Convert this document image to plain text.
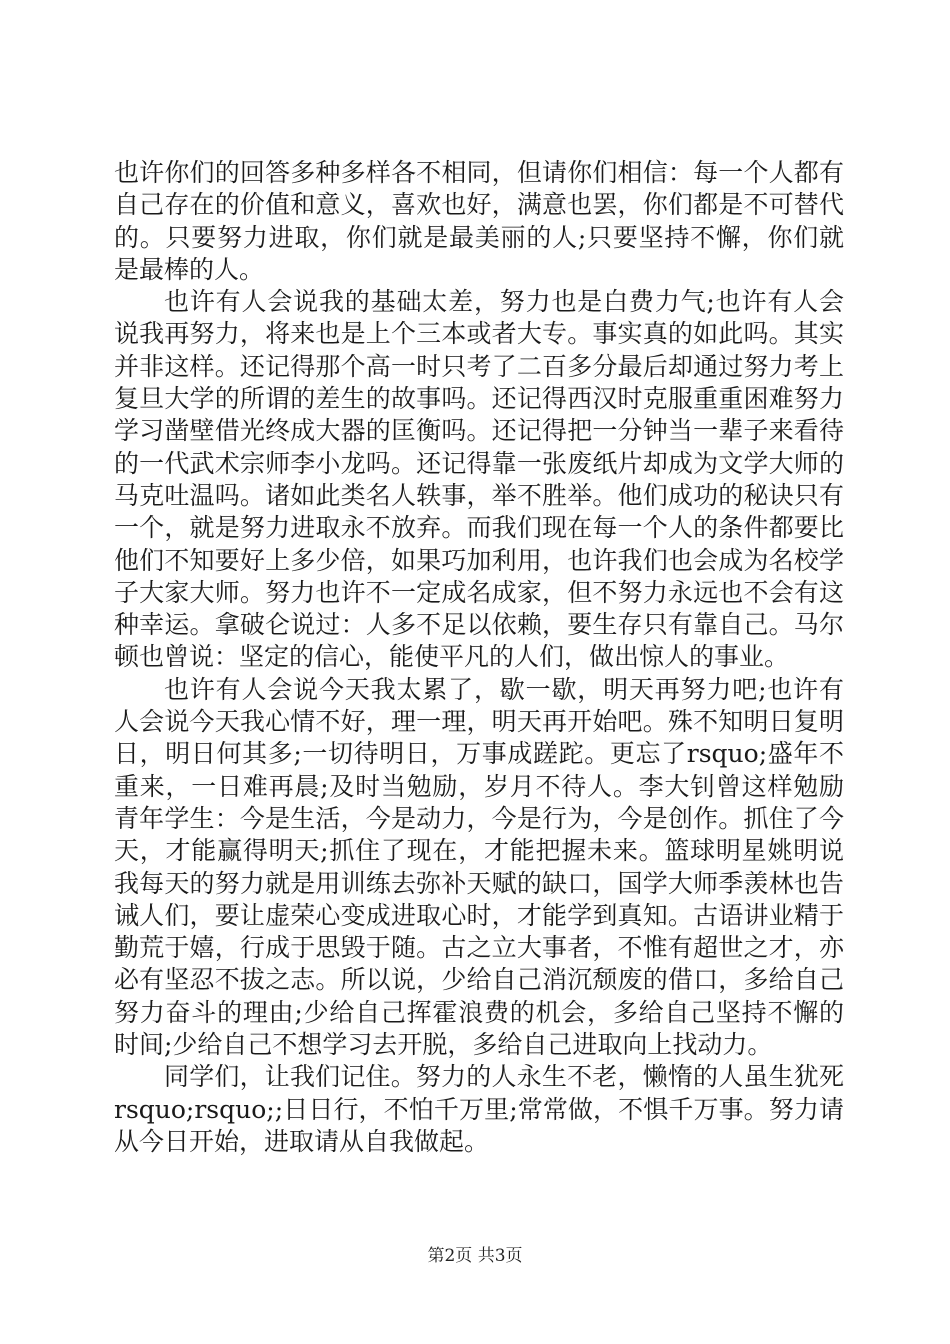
也许你们的回答多种多样各不相同，但请你们相信：每一个人都有自己存在的价值和意义，喜欢也好，满意也罢，你们都是不可替代的。只要努力进取，你们就是最美丽的人;只要坚持不懈，你们就是最棒的人。

也许有人会说我的基础太差，努力也是白费力气;也许有人会说我再努力，将来也是上个三本或者大专。事实真的如此吗。其实并非这样。还记得那个高一时只考了二百多分最后却通过努力考上复旦大学的所谓的差生的故事吗。还记得西汉时克服重重困难努力学习凿壁借光终成大器的匡衡吗。还记得把一分钟当一辈子来看待的一代武术宗师李小龙吗。还记得靠一张废纸片却成为文学大师的马克吐温吗。诸如此类名人轶事，举不胜举。他们成功的秘诀只有一个，就是努力进取永不放弃。而我们现在每一个人的条件都要比他们不知要好上多少倍，如果巧加利用，也许我们也会成为名校学子大家大师。努力也许不一定成名成家，但不努力永远也不会有这种幸运。拿破仑说过：人多不足以依赖，要生存只有靠自己。马尔顿也曾说：坚定的信心，能使平凡的人们，做出惊人的事业。

也许有人会说今天我太累了，歇一歇，明天再努力吧;也许有人会说今天我心情不好，理一理，明天再开始吧。殊不知明日复明日，明日何其多;一切待明日，万事成蹉跎。更忘了rsquo;盛年不重来，一日难再晨;及时当勉励，岁月不待人。李大钊曾这样勉励青年学生：今是生活，今是动力，今是行为，今是创作。抓住了今天，才能赢得明天;抓住了现在，才能把握未来。篮球明星姚明说我每天的努力就是用训练去弥补天赋的缺口，国学大师季羡林也告诫人们，要让虚荣心变成进取心时，才能学到真知。古语讲业精于勤荒于嬉，行成于思毁于随。古之立大事者，不惟有超世之才，亦必有坚忍不拔之志。所以说，少给自己消沉颓废的借口，多给自己努力奋斗的理由;少给自己挥霍浪费的机会，多给自己坚持不懈的时间;少给自己不想学习去开脱，多给自己进取向上找动力。

同学们，让我们记住。努力的人永生不老，懒惰的人虽生犹死rsquo;rsquo;;日日行，不怕千万里;常常做，不惧千万事。努力请从今日开始，进取请从自我做起。

第2页 共3页
